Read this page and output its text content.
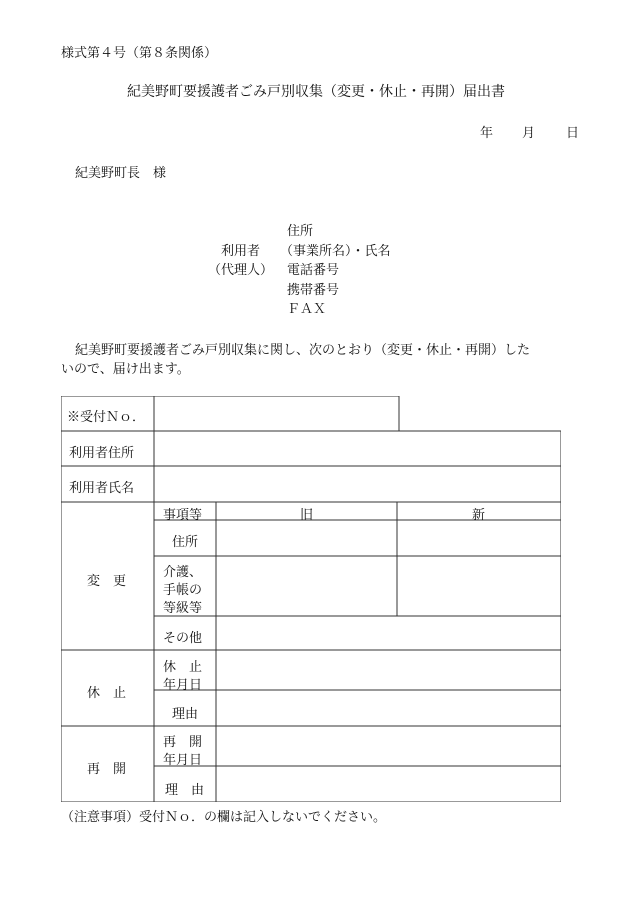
様式第４号（第８条関係）
紀美野町要援護者ごみ戸別収集（変更・休止・再開）届出書
年 月 日
紀美野町長　様
住所
利用者 （事業所名）・氏名
（代理人） 電話番号
携帯番号
ＦＡＸ
紀美野町要援護者ごみ戸別収集に関し、次のとおり（変更・休止・再開）した
いので、届け出ます。
※受付Ｎｏ．
利用者住所
利用者氏名
変　更
事項等	旧	新
住所
介護、
手帳の
等級等
その他
休　止
休　止
年月日
理由
再　開
再　開
年月日
理　由
（注意事項）受付Ｎｏ．の欄は記入しないでください。
